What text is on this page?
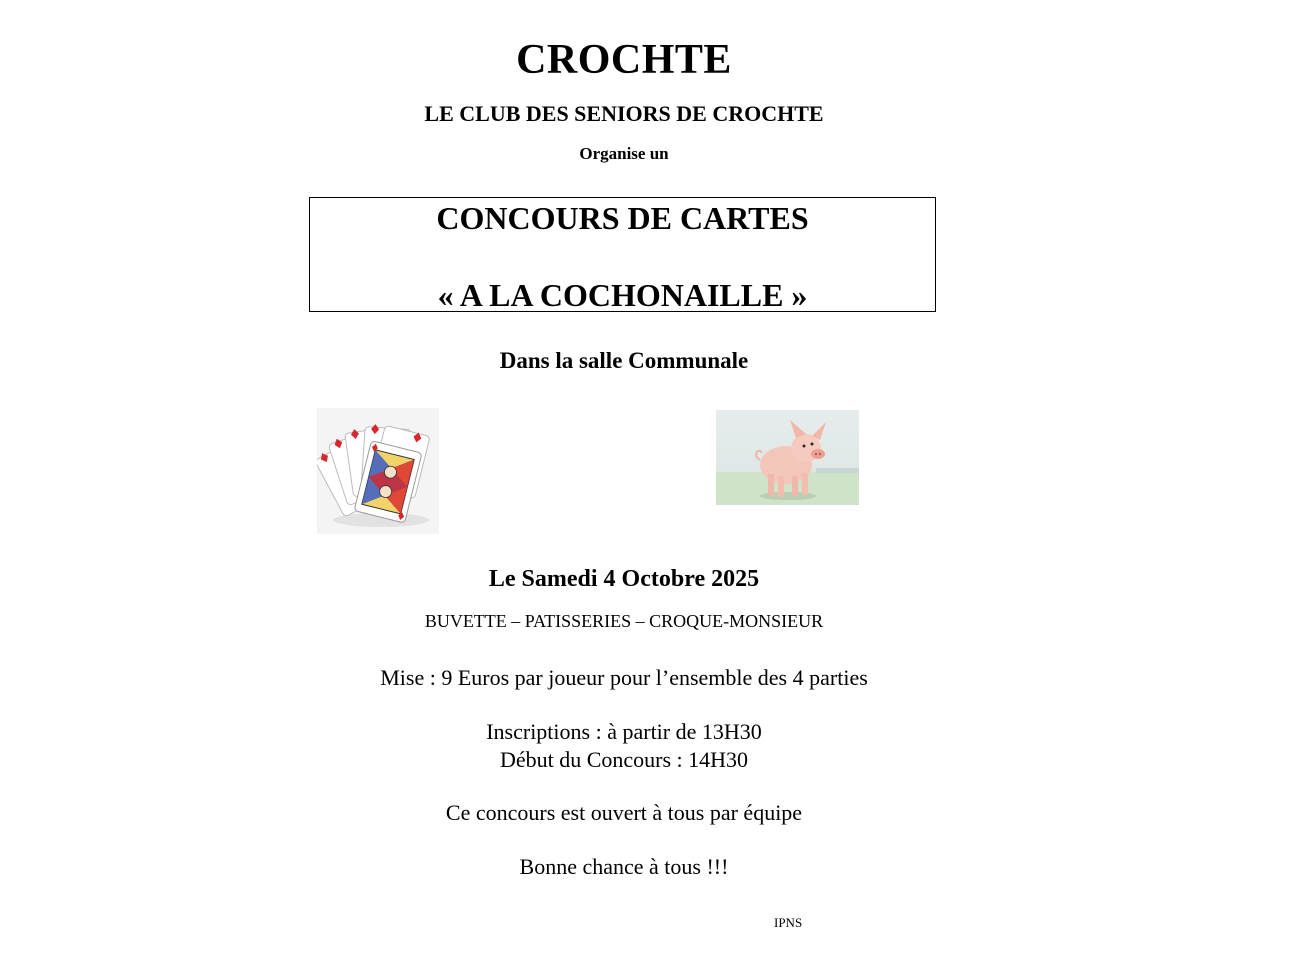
CROCHTE
LE CLUB DES SENIORS DE CROCHTE
Organise un
CONCOURS DE CARTES
« A LA COCHONAILLE »
Dans la salle Communale
Le Samedi 4 Octobre 2025
BUVETTE – PATISSERIES – CROQUE-MONSIEUR
Mise : 9 Euros par joueur pour l’ensemble des 4 parties
Inscriptions : à partir de 13H30
Début du Concours : 14H30
Ce concours est ouvert à tous par équipe
Bonne chance à tous !!!
IPNS
